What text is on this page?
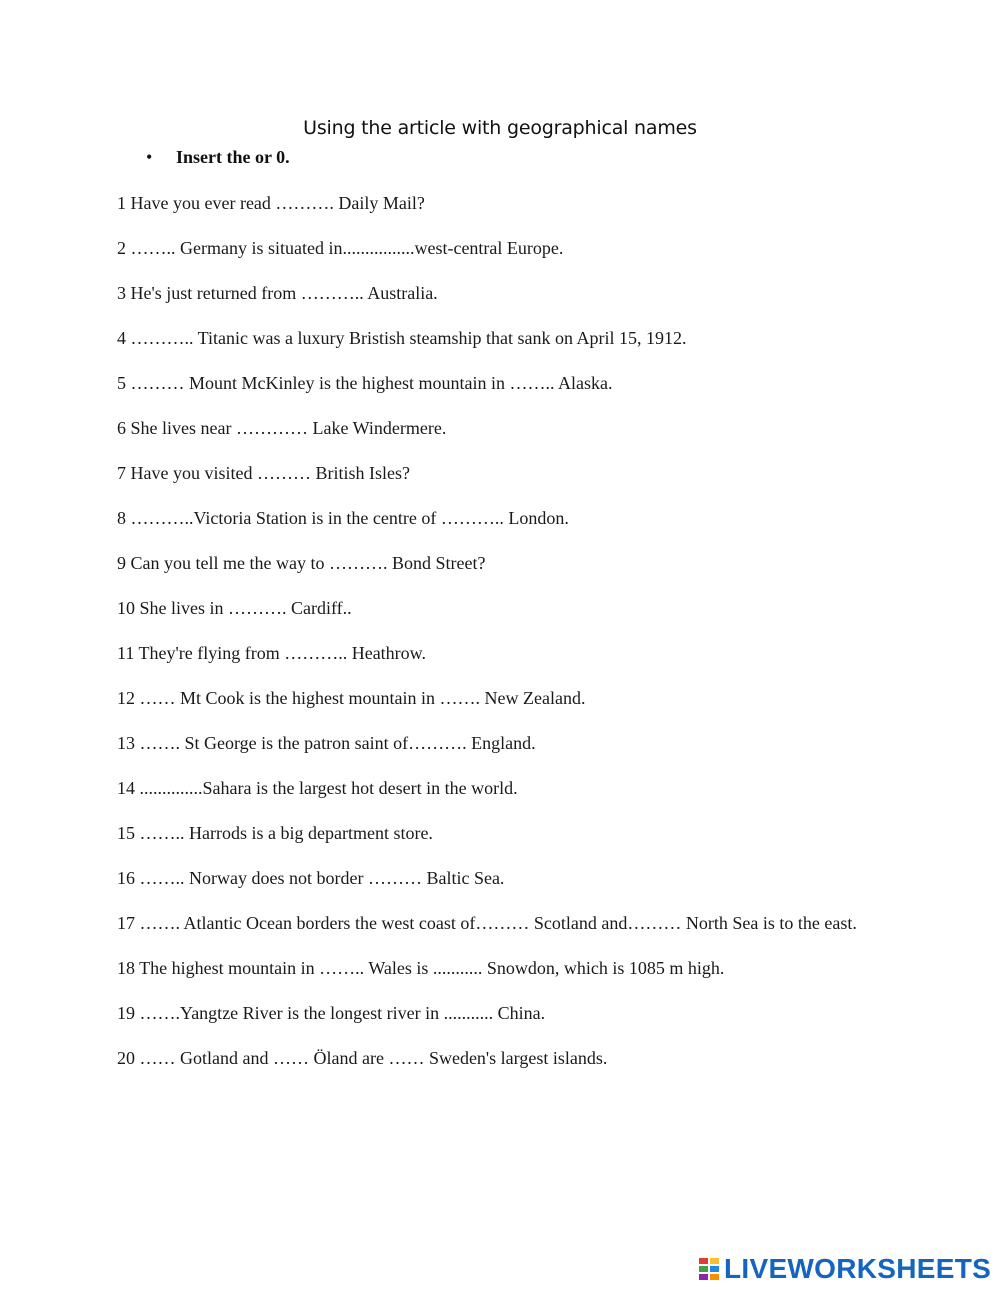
Using the article with geographical names
• Insert the or 0.
1 Have you ever read ………. Daily Mail?
2 …….. Germany is situated in................west-central Europe.
3 He's just returned from ……….. Australia.
4 ……….. Titanic was a luxury Bristish steamship that sank on April 15, 1912.
5 ……… Mount McKinley is the highest mountain in …….. Alaska.
6 She lives near ………… Lake Windermere.
7 Have you visited ……… British Isles?
8 ………..Victoria Station is in the centre of ……….. London.
9 Can you tell me the way to ………. Bond Street?
10 She lives in ………. Cardiff..
11 They're flying from ……….. Heathrow.
12 …… Mt Cook is the highest mountain in ……. New Zealand.
13 ……. St George is the patron saint of………. England.
14 ..............Sahara is the largest hot desert in the world.
15 …….. Harrods is a big department store.
16 …….. Norway does not border ……… Baltic Sea.
17 ……. Atlantic Ocean borders the west coast of……… Scotland and……… North Sea is to the east.
18 The highest mountain in …….. Wales is ........... Snowdon, which is 1085 m high.
19 …….Yangtze River is the longest river in ........... China.
20 …… Gotland and …… Öland are …… Sweden's largest islands.
LIVEWORKSHEETS
